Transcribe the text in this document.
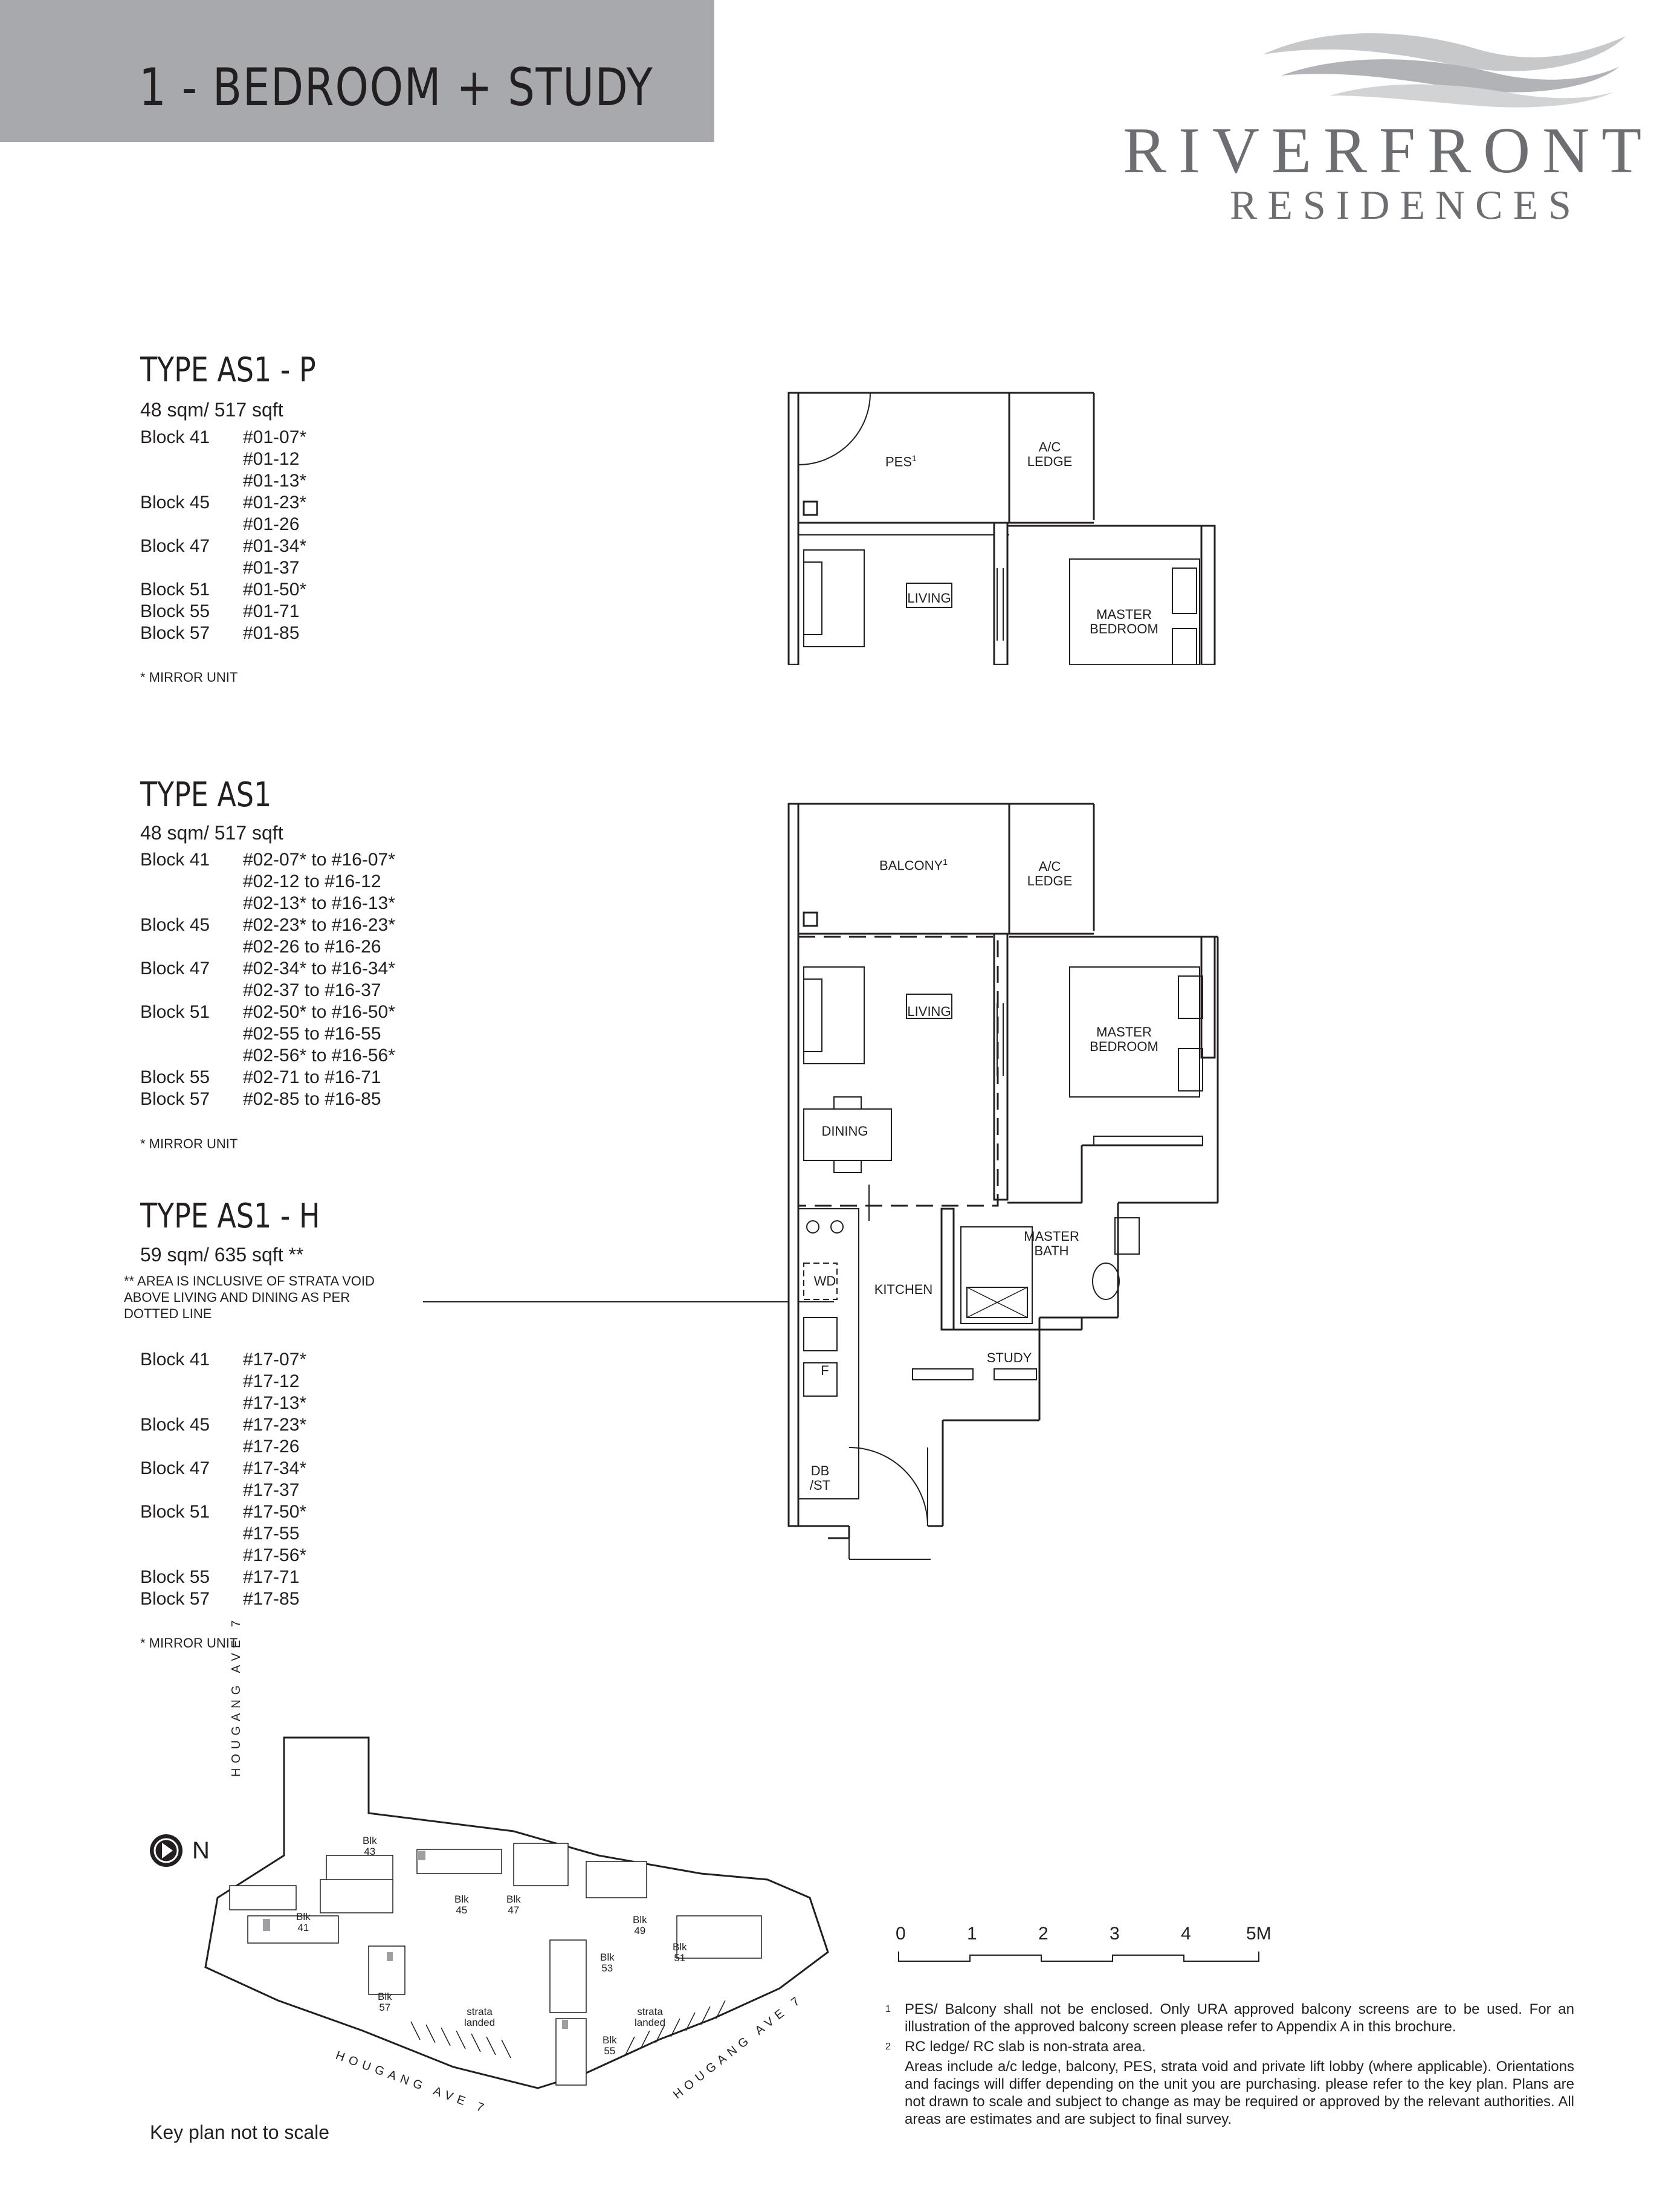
1 - BEDROOM + STUDY
RIVERFRONT
RESIDENCES
TYPE AS1 - P
48 sqm/ 517 sqft
Block 41	#01-07*
#01-12
#01-13*
Block 45	#01-23*
#01-26
Block 47	#01-34*
#01-37
Block 51	#01-50*
Block 55	#01-71
Block 57	#01-85
* MIRROR UNIT
TYPE AS1
48 sqm/ 517 sqft
Block 41	#02-07* to #16-07*
#02-12 to #16-12
#02-13* to #16-13*
Block 45	#02-23* to #16-23*
#02-26 to #16-26
Block 47	#02-34* to #16-34*
#02-37 to #16-37
Block 51	#02-50* to #16-50*
#02-55 to #16-55
#02-56* to #16-56*
Block 55	#02-71 to #16-71
Block 57	#02-85 to #16-85
* MIRROR UNIT
TYPE AS1 - H
59 sqm/ 635 sqft **
** AREA IS INCLUSIVE OF STRATA VOID
ABOVE LIVING AND DINING AS PER
DOTTED LINE
Block 41	#17-07*
#17-12
#17-13*
Block 45	#17-23*
#17-26
Block 47	#17-34*
#17-37
Block 51	#17-50*
#17-55
#17-56*
Block 55	#17-71
Block 57	#17-85
* MIRROR UNIT
PES$^1$
A/C
LEDGE
LIVING
MASTER
BEDROOM
BALCONY$^1$	A/C
LEDGE
LIVING
MASTER
BEDROOM
DINING
MASTER
BATH
WD
KITCHEN
F
STUDY
DB
/ST
N
HOUGANG AVE 7
HOUGANG AVE 7	HOUGANG AVE 7
Blk
43
Blk
45
Blk
47
Blk
49
Blk
41
Blk
51
Blk
53
Blk
57
Blk
55
strata
landed
strata
landed
Key plan not to scale
0	1	2	3	4	5M
1 PES/ Balcony shall not be enclosed. Only URA approved balcony screens are to be used. For an illustration of the approved balcony screen please refer to Appendix A in this brochure.
2 RC ledge/ RC slab is non-strata area.
Areas include a/c ledge, balcony, PES, strata void and private lift lobby (where applicable). Orientations and facings will differ depending on the unit you are purchasing. please refer to the key plan. Plans are not drawn to scale and subject to change as may be required or approved by the relevant authorities. All areas are estimates and are subject to final survey.
